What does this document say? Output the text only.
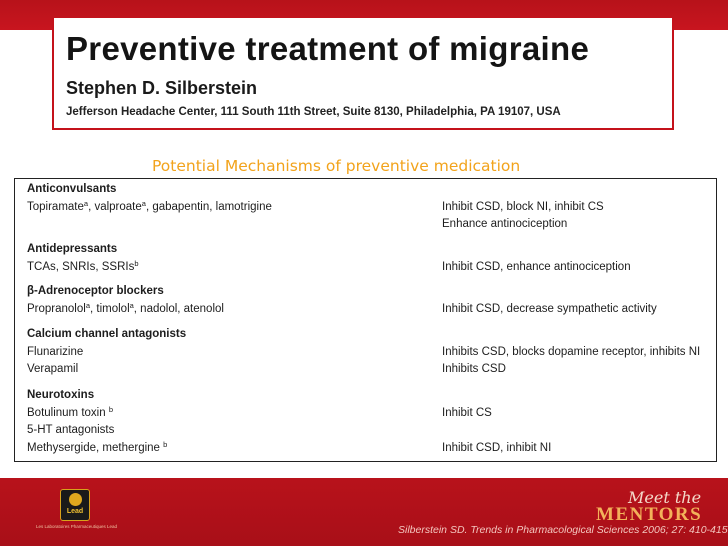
Preventive treatment of migraine
Stephen D. Silberstein
Jefferson Headache Center, 111 South 11th Street, Suite 8130, Philadelphia, PA 19107, USA
Potential Mechanisms of preventive medication
Anticonvulsants
Topiramate$^a$, valproate$^a$, gabapentin, lamotrigine	Inhibit CSD, block NI, inhibit CS
Enhance antinociception
Antidepressants
TCAs, SNRIs, SSRIs$^b$	Inhibit CSD, enhance antinociception
β-Adrenoceptor blockers
Propranolol$^a$, timolol$^a$, nadolol, atenolol	Inhibit CSD, decrease sympathetic activity
Calcium channel antagonists
Flunarizine	Inhibits CSD, blocks dopamine receptor, inhibits NI
Verapamil	Inhibits CSD
Neurotoxins
Botulinum toxin $^b$	Inhibit CS
5-HT antagonists
Methysergide, methergine $^b$	Inhibit CSD, inhibit NI
Lead
Les Laboratoires Pharmaceutiques Lead	Silberstein SD. Trends in Pharmacological Sciences 2006; 27: 410-415
Meet the
MENTORS
